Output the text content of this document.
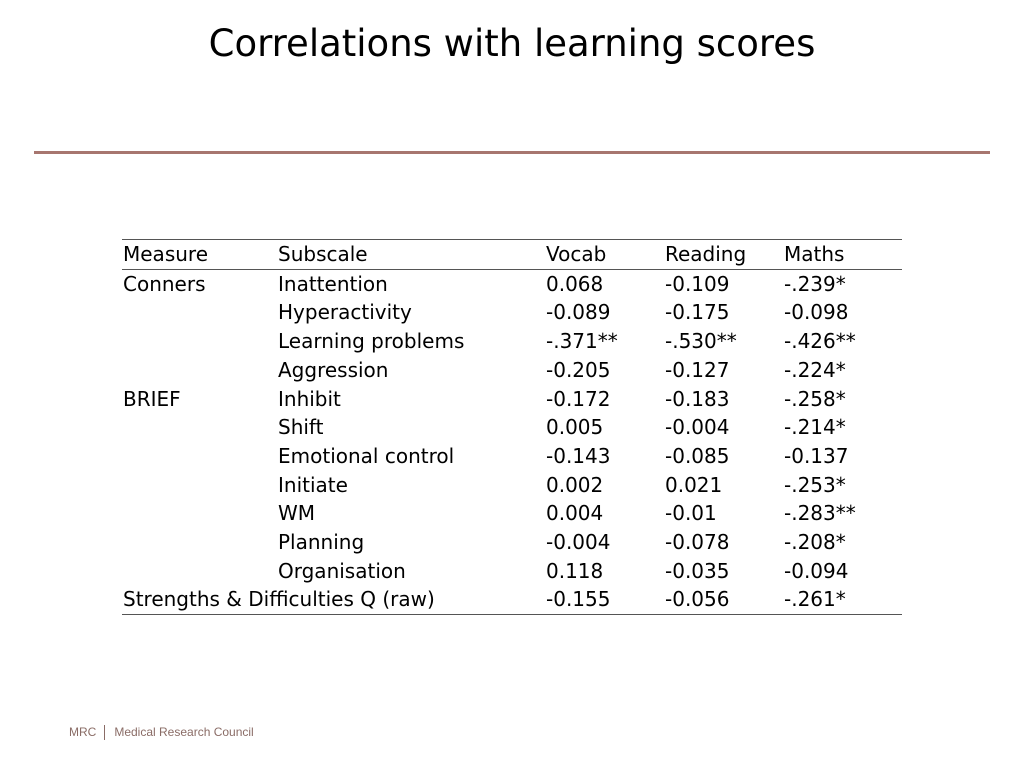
Correlations with learning scores
Measure	Subscale	Vocab	Reading	Maths
Conners	Inattention	0.068	-0.109	-.239*
	Hyperactivity	-0.089	-0.175	-0.098
	Learning problems	-.371**	-.530**	-.426**
	Aggression	-0.205	-0.127	-.224*
BRIEF	Inhibit	-0.172	-0.183	-.258*
	Shift	0.005	-0.004	-.214*
	Emotional control	-0.143	-0.085	-0.137
	Initiate	0.002	0.021	-.253*
	WM	0.004	-0.01	-.283**
	Planning	-0.004	-0.078	-.208*
	Organisation	0.118	-0.035	-0.094
Strengths & Difficulties Q (raw)		-0.155	-0.056	-.261*
MRC Medical Research Council
